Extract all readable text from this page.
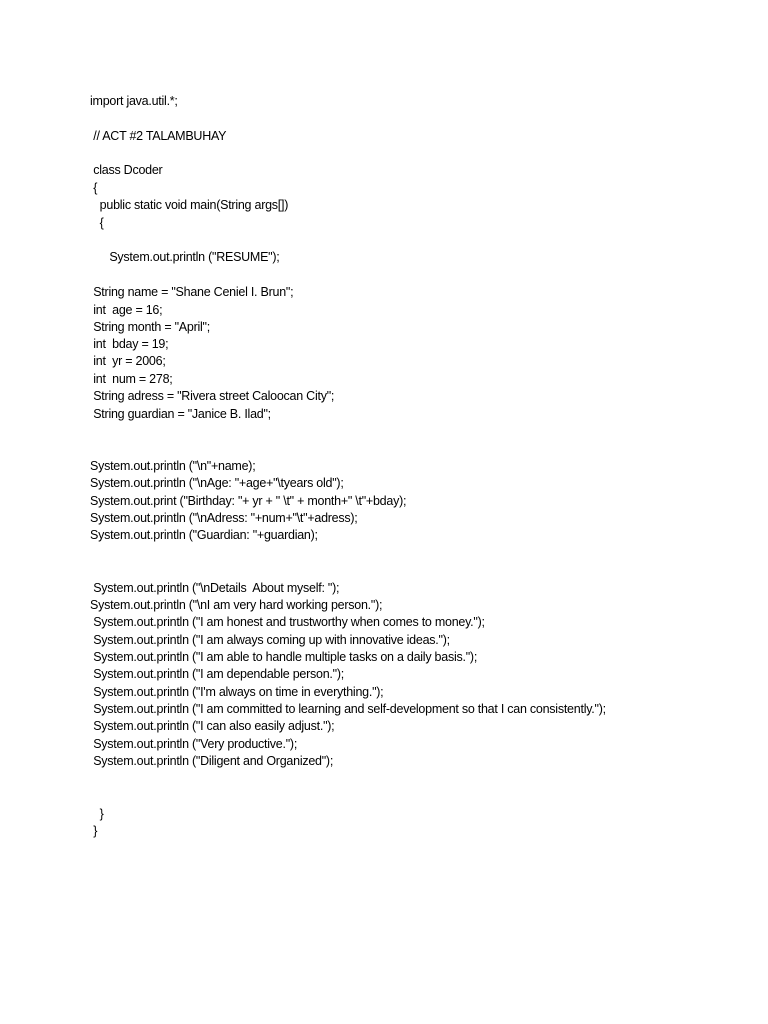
import java.util.*;
// ACT #2 TALAMBUHAY
class Dcoder
{
public static void main(String args[])
{
System.out.println ("RESUME");
String name = "Shane Ceniel I. Brun";
int  age = 16;
String month = "April";
int  bday = 19;
int  yr = 2006;
int  num = 278;
String adress = "Rivera street Caloocan City";
String guardian = "Janice B. Ilad";
System.out.println ("\n"+name);
System.out.println ("\nAge: "+age+"\tyears old");
System.out.print ("Birthday: "+ yr + " \t" + month+" \t"+bday);
System.out.println ("\nAdress: "+num+"\t"+adress);
System.out.println ("Guardian: "+guardian);
System.out.println ("\nDetails  About myself: ");
System.out.println ("\nI am very hard working person.");
System.out.println ("I am honest and trustworthy when comes to money.");
System.out.println ("I am always coming up with innovative ideas.");
System.out.println ("I am able to handle multiple tasks on a daily basis.");
System.out.println ("I am dependable person.");
System.out.println ("I'm always on time in everything.");
System.out.println ("I am committed to learning and self-development so that I can consistently.");
System.out.println ("I can also easily adjust.");
System.out.println ("Very productive.");
System.out.println ("Diligent and Organized");
}
}
